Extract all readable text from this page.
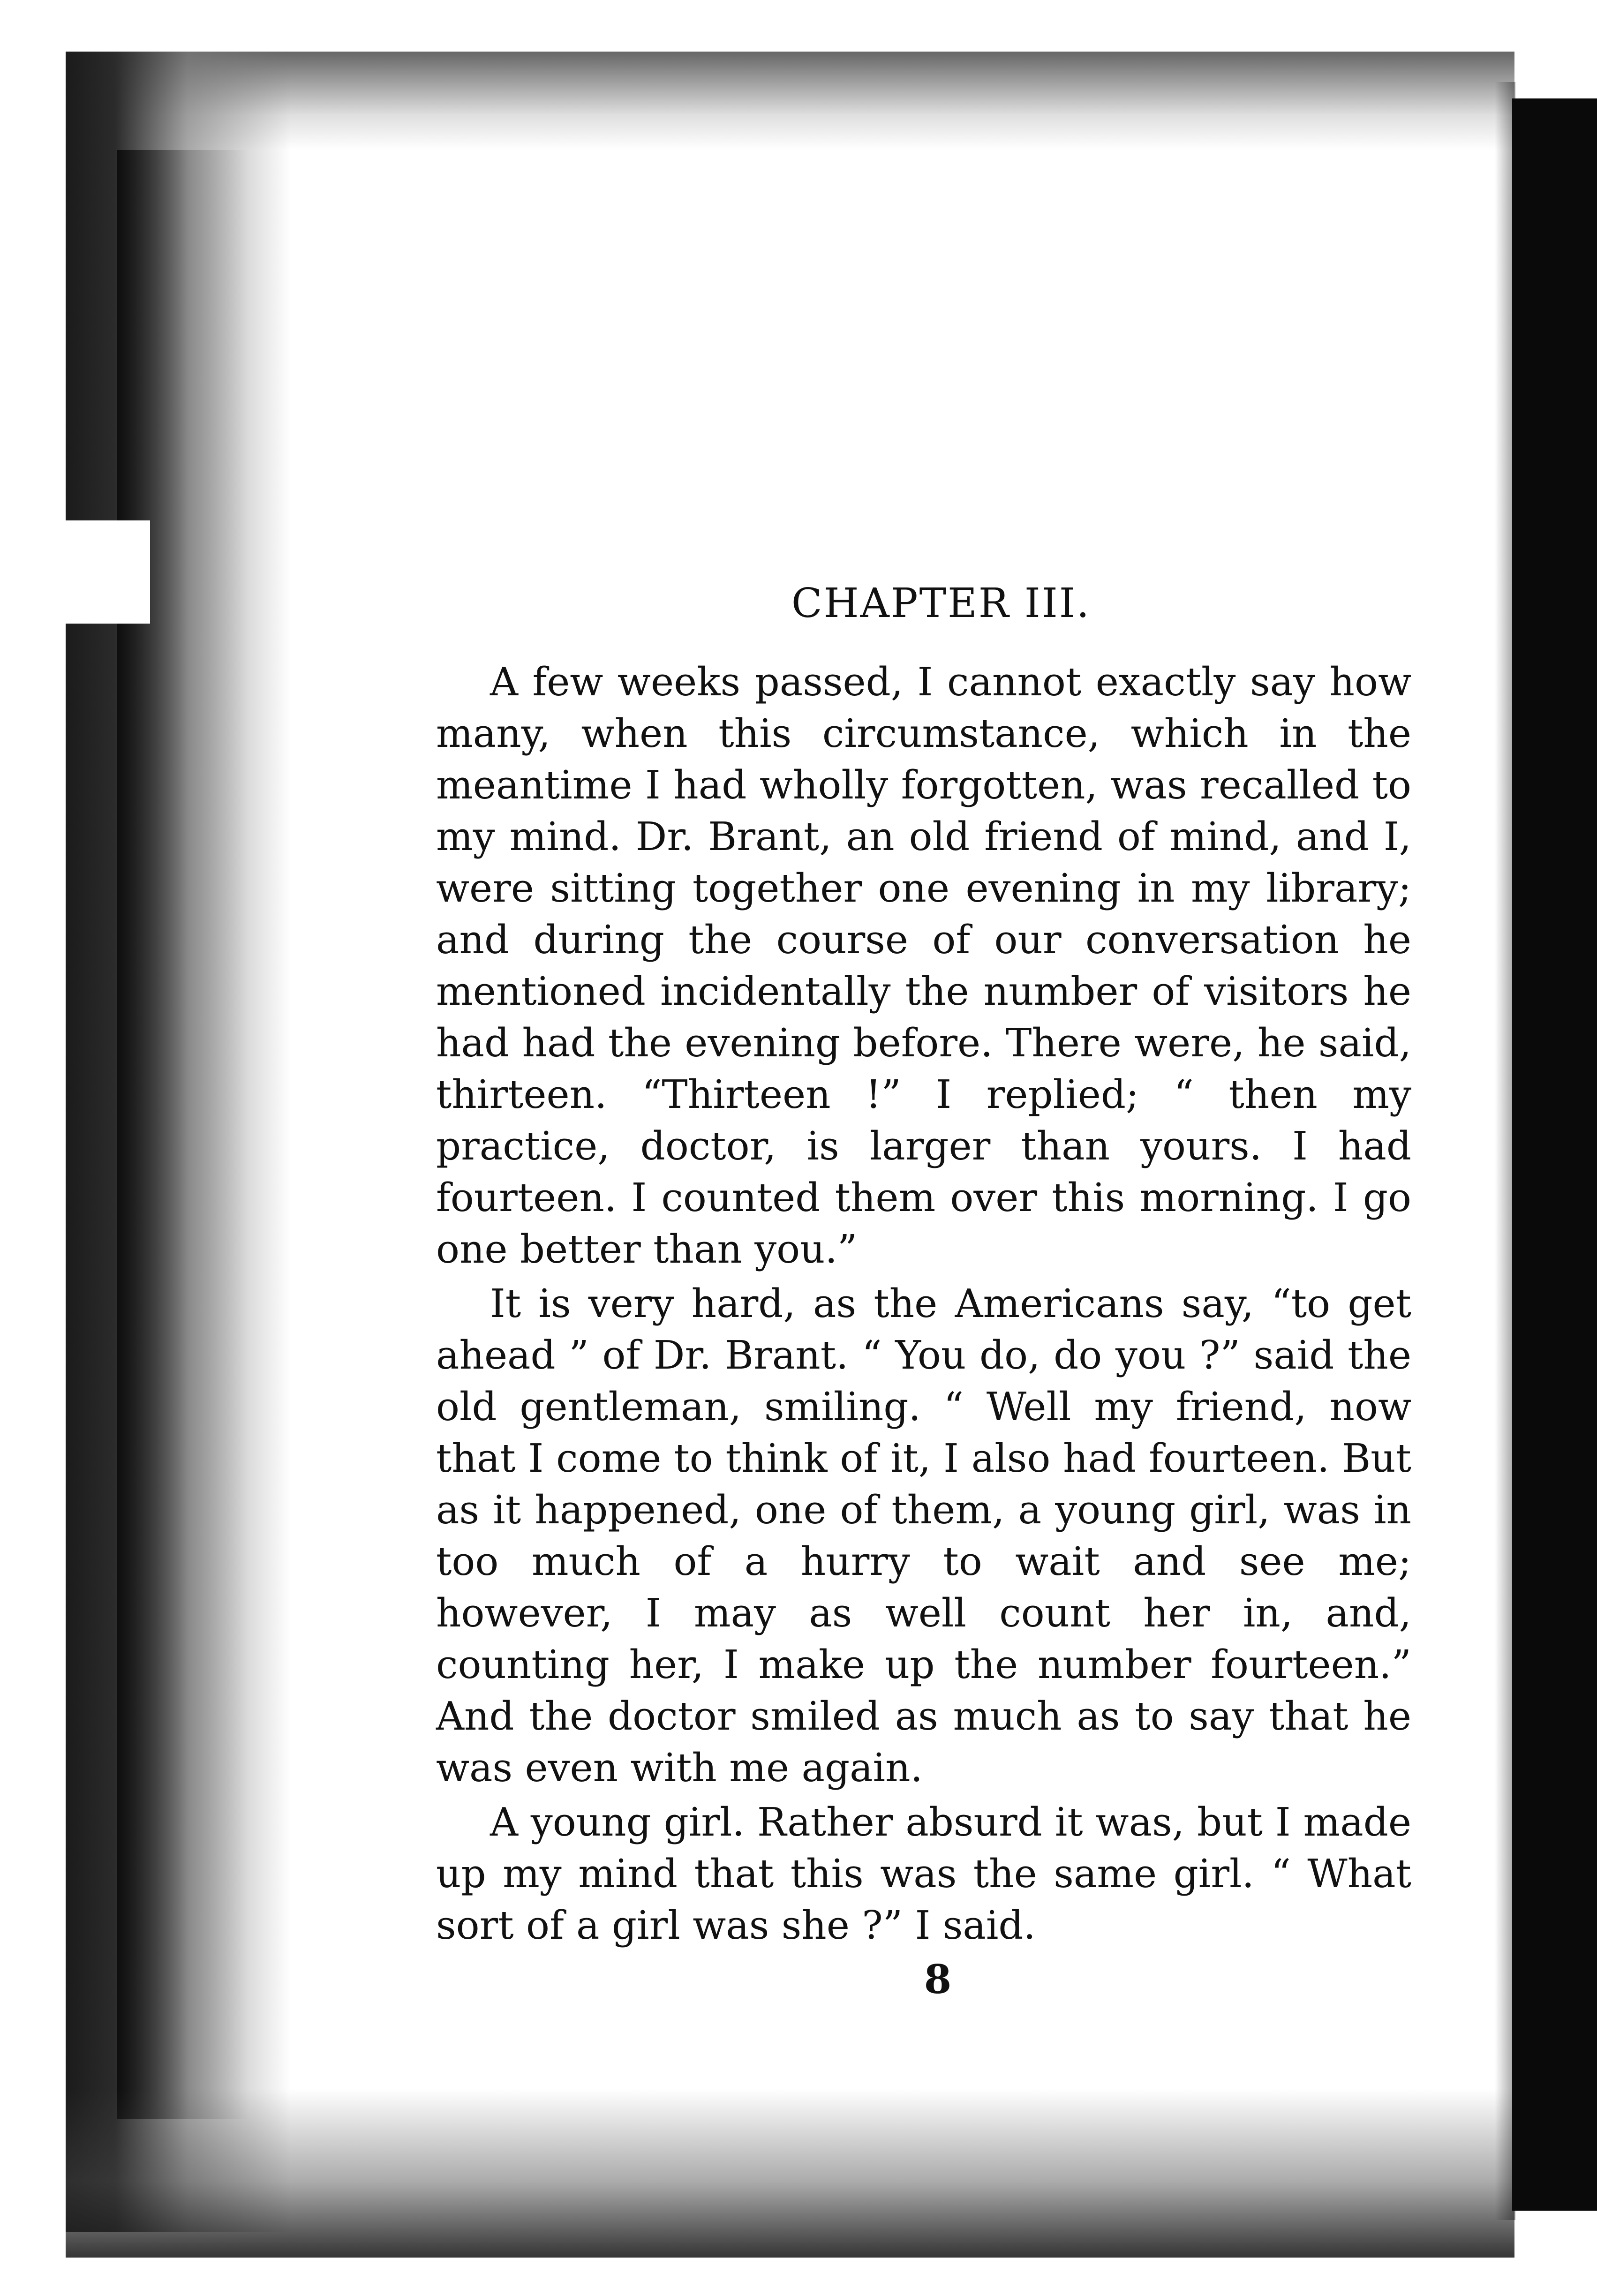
CHAPTER III.

A few weeks passed, I cannot exactly say how many, when this circumstance, which in the meantime I had wholly forgotten, was recalled to my mind. Dr. Brant, an old friend of mind, and I, were sitting together one evening in my library; and during the course of our conversation he mentioned incidentally the number of visitors he had had the evening before. There were, he said, thirteen. “Thirteen !” I replied; “ then my practice, doctor, is larger than yours. I had fourteen. I counted them over this morning. I go one better than you.”

It is very hard, as the Americans say, “to get ahead ” of Dr. Brant. “ You do, do you ?” said the old gentleman, smiling. “ Well my friend, now that I come to think of it, I also had fourteen. But as it happened, one of them, a young girl, was in too much of a hurry to wait and see me; however, I may as well count her in, and, counting her, I make up the number fourteen.” And the doctor smiled as much as to say that he was even with me again.

A young girl. Rather absurd it was, but I made up my mind that this was the same girl. “ What sort of a girl was she ?” I said.

8
